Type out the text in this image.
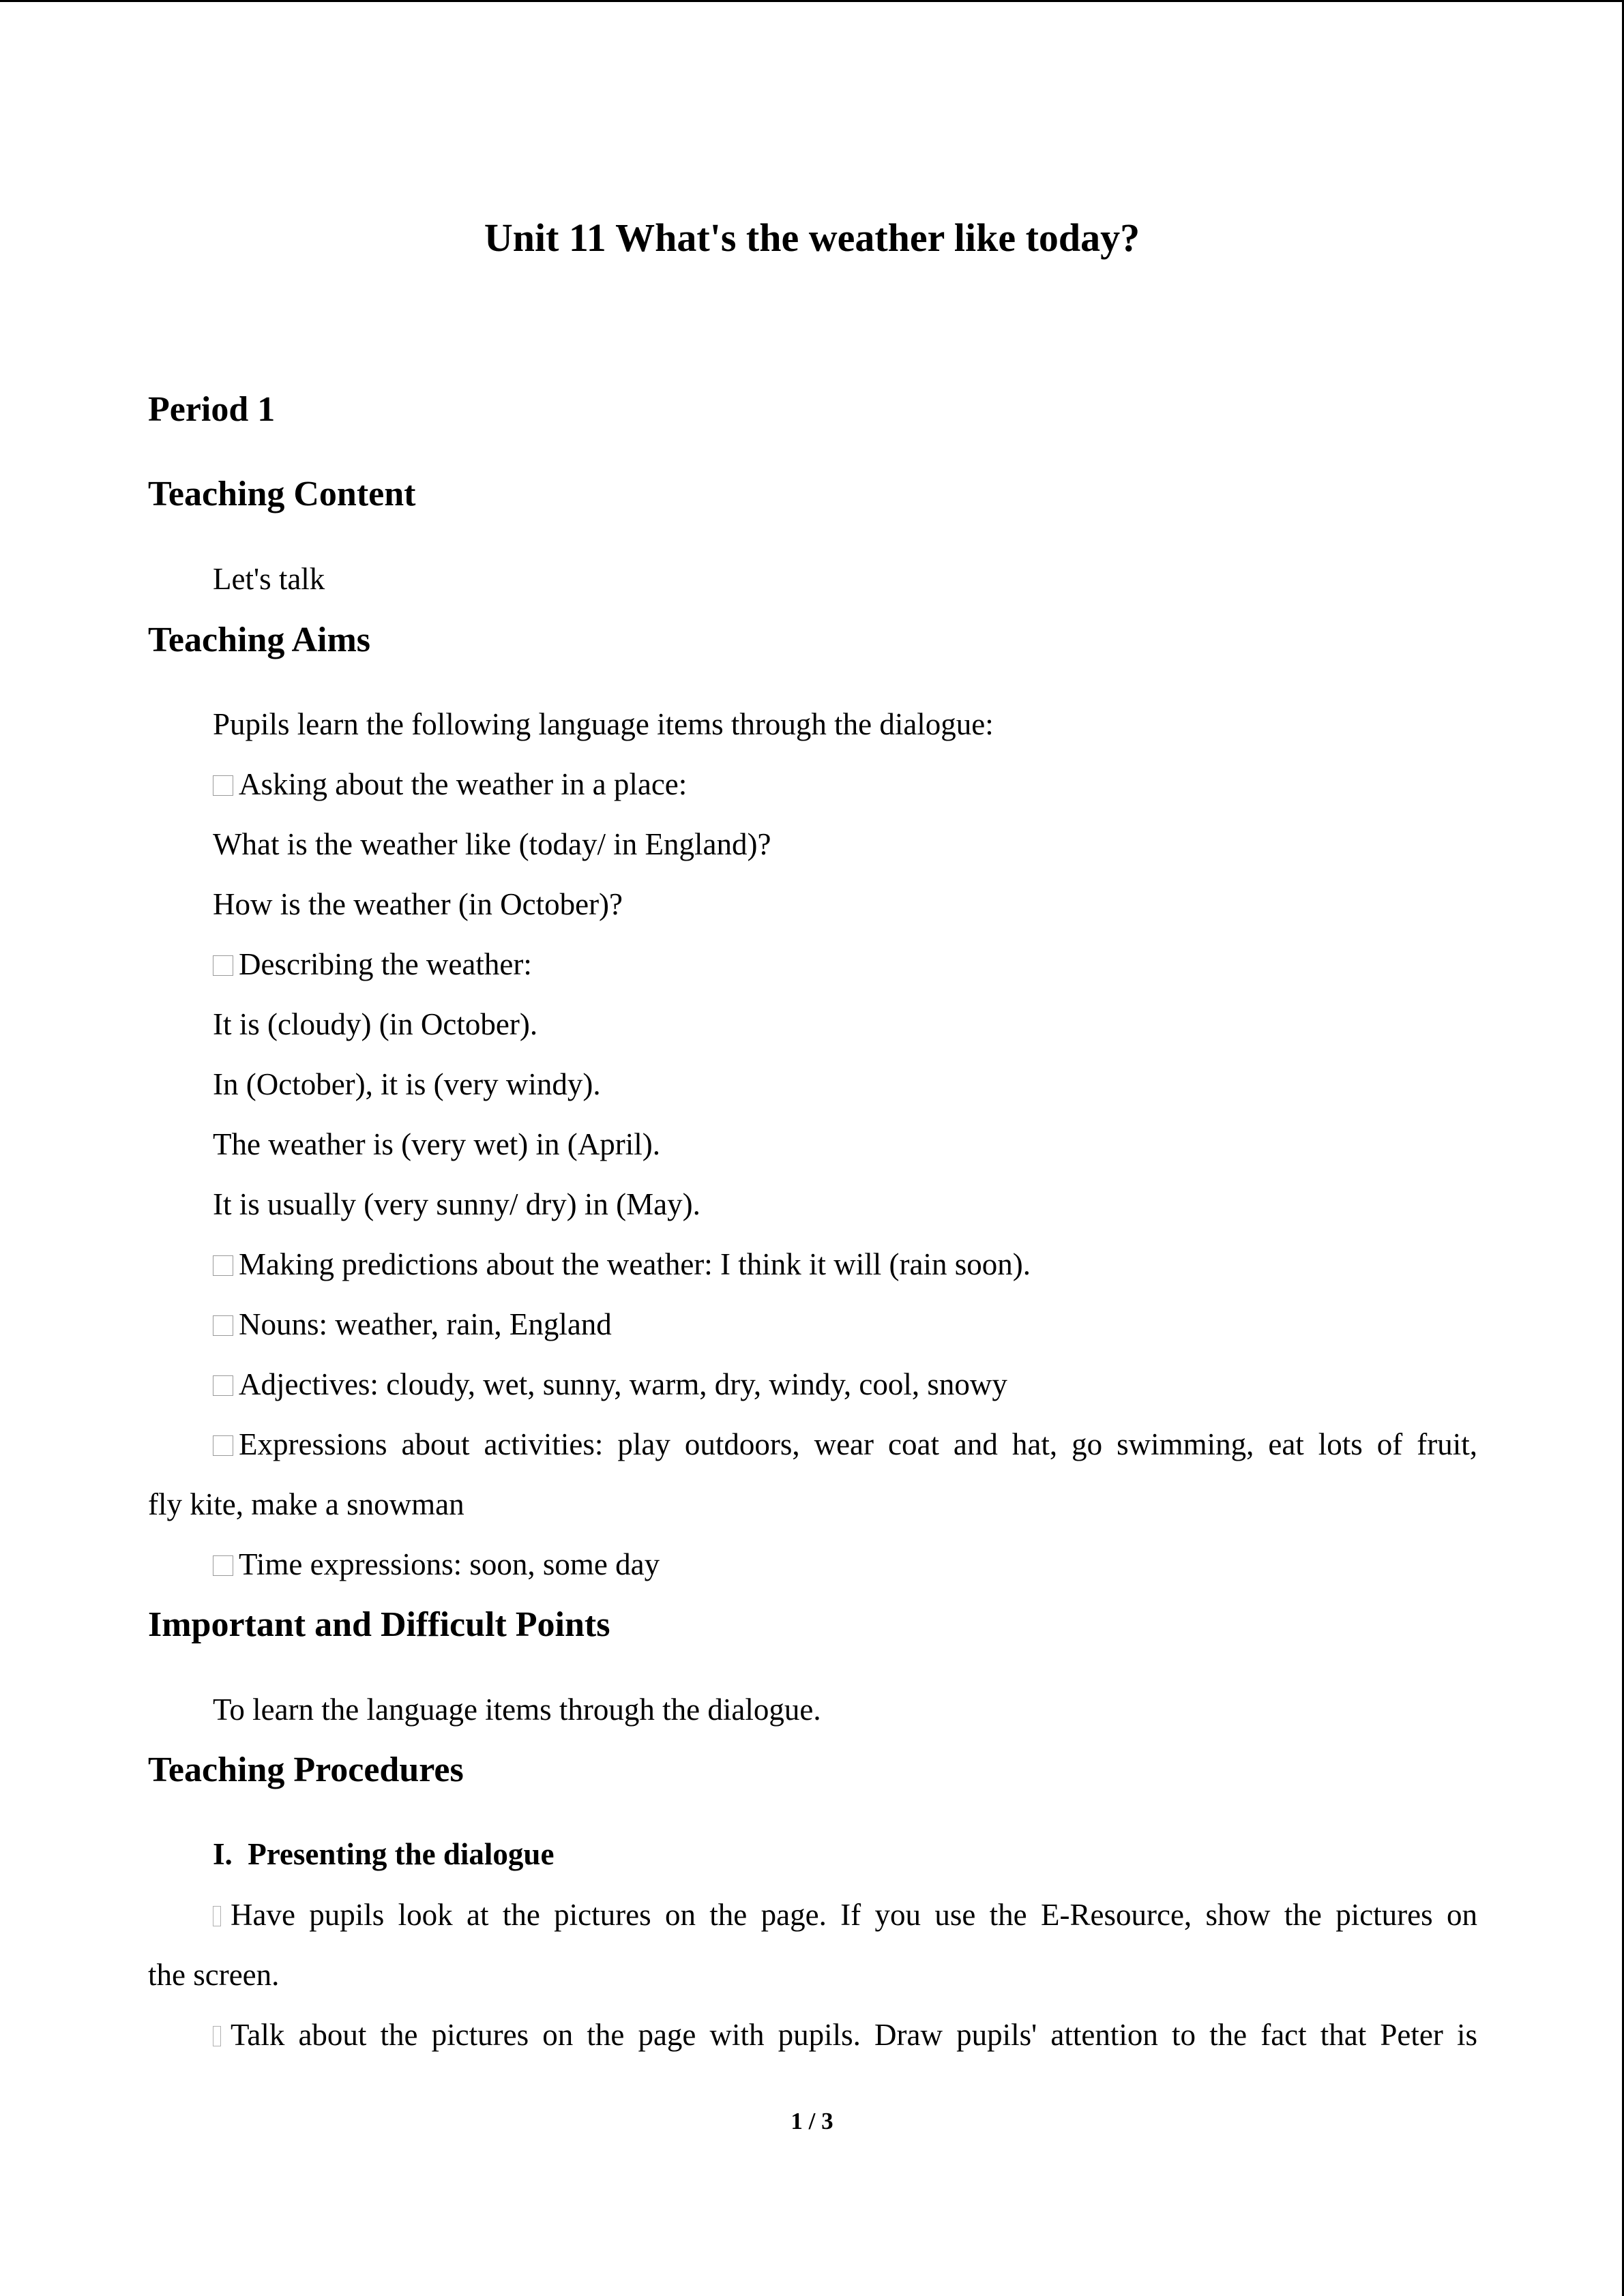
Unit 11 What's the weather like today?
Period 1
Teaching Content
Let's talk
Teaching Aims
Pupils learn the following language items through the dialogue:
Asking about the weather in a place:
What is the weather like (today/ in England)?
How is the weather (in October)?
Describing the weather:
It is (cloudy) (in October).
In (October), it is (very windy).
The weather is (very wet) in (April).
It is usually (very sunny/ dry) in (May).
Making predictions about the weather: I think it will (rain soon).
Nouns: weather, rain, England
Adjectives: cloudy, wet, sunny, warm, dry, windy, cool, snowy
Expressions about activities: play outdoors, wear coat and hat, go swimming, eat lots of fruit,
fly kite, make a snowman
Time expressions: soon, some day
Important and Difficult Points
To learn the language items through the dialogue.
Teaching Procedures
I. Presenting the dialogue
Have pupils look at the pictures on the page. If you use the E-Resource, show the pictures on
the screen.
Talk about the pictures on the page with pupils. Draw pupils' attention to the fact that Peter is
1 / 3
